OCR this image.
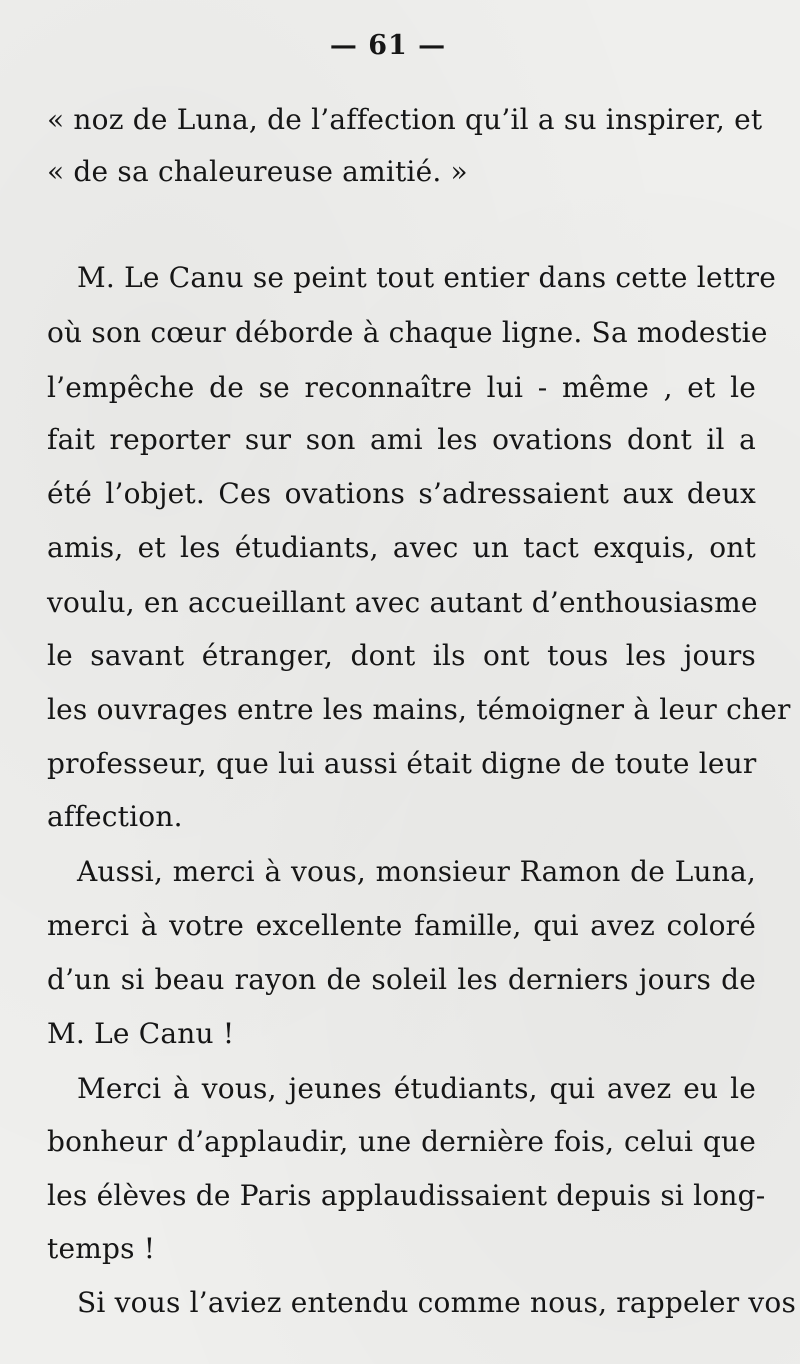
— 61 —
« noz de Luna, de l’affection qu’il a su inspirer, et
« de sa chaleureuse amitié. »
M. Le Canu se peint tout entier dans cette lettre
où son cœur déborde à chaque ligne. Sa modestie
l’empêche de se reconnaître lui - même , et le
fait reporter sur son ami les ovations dont il a
été l’objet. Ces ovations s’adressaient aux deux
amis, et les étudiants, avec un tact exquis, ont
voulu, en accueillant avec autant d’enthousiasme
le savant étranger, dont ils ont tous les jours
les ouvrages entre les mains, témoigner à leur cher
professeur, que lui aussi était digne de toute leur
affection.
Aussi, merci à vous, monsieur Ramon de Luna,
merci à votre excellente famille, qui avez coloré
d’un si beau rayon de soleil les derniers jours de
M. Le Canu !
Merci à vous, jeunes étudiants, qui avez eu le
bonheur d’applaudir, une dernière fois, celui que
les élèves de Paris applaudissaient depuis si long-
temps !
Si vous l’aviez entendu comme nous, rappeler vos
